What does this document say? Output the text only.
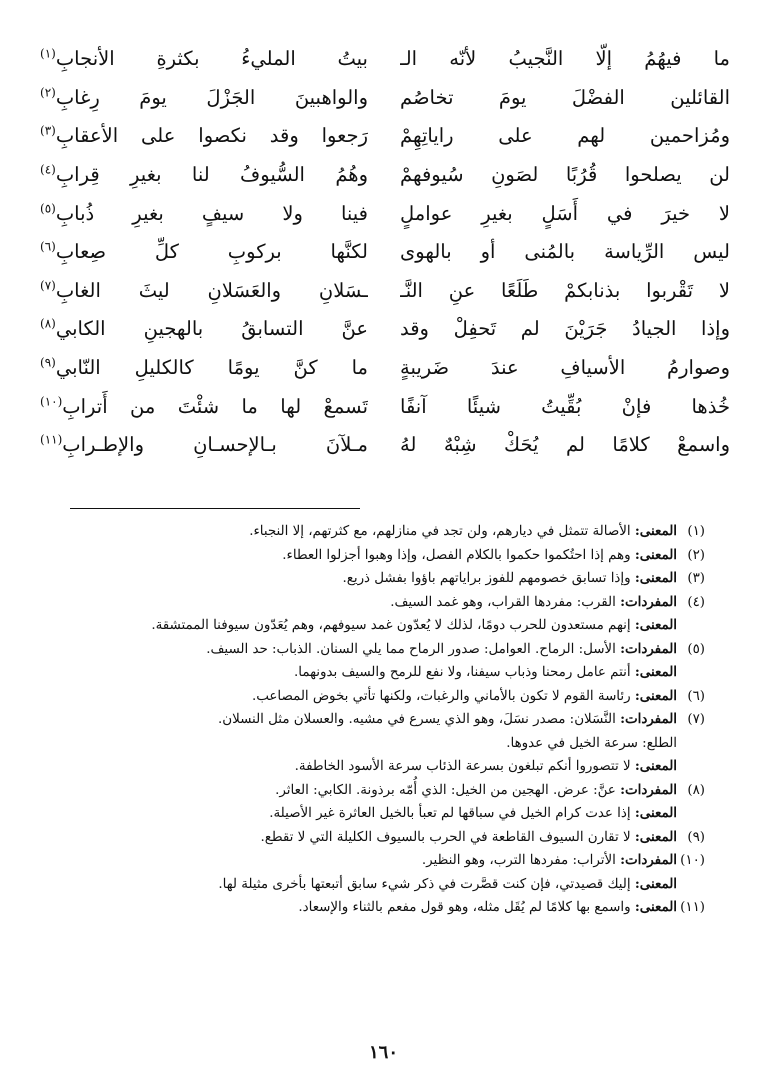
ما فيهُمُ إلّا النَّجيبُ لأنّه الـ
بيتُ المليءُ بكثرةِ الأنجابِ$^{(١)}$
القائلين الفضْلَ يومَ تخاصُم
والواهبينَ الجَزْلَ يومَ رِغابِ$^{(٢)}$
ومُزاحمين لهم على راياتِهِمْ
رَجعوا وقد نكصوا على الأعقابِ$^{(٣)}$
لن يصلحوا قُرُبًا لصَونِ سُيوفهمْ
وهُمُ السُّيوفُ لنا بغيرِ قِرابِ$^{(٤)}$
لا خيرَ في أَسَلٍ بغيرِ عواملٍ
فينا ولا سيفٍ بغيرِ ذُبابِ$^{(٥)}$
ليس الرِّياسة بالمُنى أو بالهوى
لكنَّها بركوبِ كلِّ صِعابِ$^{(٦)}$
لا تَقْربوا بذنابكمْ طَلَعًا عنِ النَّـ
ـسَلانِ والعَسَلانِ ليثَ الغابِ$^{(٧)}$
وإذا الجيادُ جَرَيْنَ لم تَحفِلْ وقد
عنَّ التسابقُ بالهجينِ الكابي$^{(٨)}$
وصوارمُ الأسيافِ عندَ ضَريبةٍ
ما كنَّ يومًا كالكليلِ النّابي$^{(٩)}$
خُذها فإنْ بُقِّيتُ شيئًا آنفًا
تَسمعْ لها ما شئْتَ من أَترابِ$^{(١٠)}$
واسمعْ كلامًا لم يُحَكْ شِبْهٌ لهُ
مـلآنَ بـالإحسـانِ والإطـرابِ$^{(١١)}$
(١)المعنى: الأصالة تتمثل في ديارهم، ولن تجد في منازلهم، مع كثرتهم، إلا النجباء.
(٢)المعنى: وهم إذا احتُكموا حكموا بالكلام الفصل، وإذا وهبوا أجزلوا العطاء.
(٣)المعنى: وإذا تسابق خصومهم للفوز براياتهم باؤوا بفشل ذريع.
(٤)المفردات: القرب: مفردها القراب، وهو غمد السيف.
المعنى: إنهم مستعدون للحرب دومًا، لذلك لا يُعدّون غمد سيوفهم، وهم يُعَدّون سيوفنا الممتشقة.
(٥)المفردات: الأسل: الرماح. العوامل: صدور الرماح مما يلي السنان. الذباب: حد السيف.
المعنى: أنتم عامل رمحنا وذباب سيفنا، ولا نفع للرمح والسيف بدونهما.
(٦)المعنى: رئاسة القوم لا تكون بالأماني والرغبات، ولكنها تأتي بخوض المصاعب.
(٧)المفردات: النَّسَلان: مصدر نسَلَ، وهو الذي يسرع في مشيه. والعسلان مثل النسلان.
الطلع: سرعة الخيل في عدوها.
المعنى: لا تتصوروا أنكم تبلغون بسرعة الذئاب سرعة الأسود الخاطفة.
(٨)المفردات: عنَّ: عرض. الهجين من الخيل: الذي أُمّه برذونة. الكابي: العاثر.
المعنى: إذا عدت كرام الخيل في سباقها لم تعبأ بالخيل العاثرة غير الأصيلة.
(٩)المعنى: لا تقارن السيوف القاطعة في الحرب بالسيوف الكليلة التي لا تقطع.
(١٠)المفردات: الأتراب: مفردها الترب، وهو النظير.
المعنى: إليك قصيدتي، فإن كنت قصَّرت في ذكر شيء سابق أتبعتها بأخرى مثيلة لها.
(١١)المعنى: واسمع بها كلامًا لم يُقَل مثله، وهو قول مفعم بالثناء والإسعاد.
١٦٠
